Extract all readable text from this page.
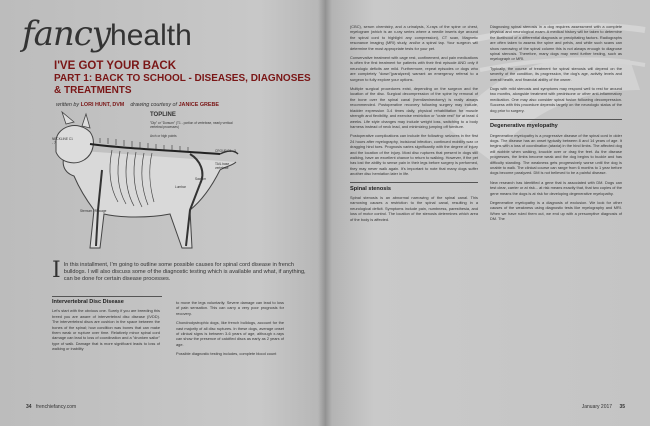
fancyhealth
I'VE GOT YOUR BACK
PART 1: BACK TO SCHOOL - DISEASES, DIAGNOSES
& TREATMENTS
written by LORI HUNT, DVM drawing courtesy of JANICE GREBE
TOPLINE
NECKLINE C1 - 7
"Dip" or "Dorsum" (T1 - portion of vertebrae, nearly vertical vertebral processes)
Arch or high points
CROUP S1 - 3
TAIL base vertebrae
Sacrum
Lumbar
Sternum / Ribcage
I In this installment, I'm going to outline some possible causes for spinal cord disease in french bulldogs. I will also discuss some of the diagnostic testing which is available and what, if anything, can be done for certain disease processes.
Intervertebral Disc Disease

Let's start with the obvious one. Surely if you are breeding this breed you are aware of intervertebral disc disease (IVDD). The intervertebral discs are cushion in the space between the bones of the spinal; how condition was bones that can make them weak or rupture over time. Relatively minor spinal cord damage can lead to loss of coordination and a "drunken sailor" type of walk. Damage that is more significant leads to loss of walking or inability

to move the legs voluntarily. Severe damage can lead to loss of pain sensation. This can carry a very poor prognosis for recovery.

Chondrodystrophic dogs, like french bulldogs, account for the vast majority of all disc ruptures. In these dogs, average onset of clinical signs is between 3-6 years of age, although x-rays can show the presence of calcified discs as early as 2 years of age.

Possible diagnostic testing includes, complete blood count

(CBC), serum chemistry, and a urinalysis, X-rays of the spine or chest, myelogram (which is an x-ray series where a needle inserts dye around the spinal cord to highlight any compression), CT scan, Magnetic resonance imaging (MRI) study, and/or a spinal tap. Your surgeon will determine the most appropriate tests for your pet.

Conservative treatment with cage rest, confinement, and pain medications is often the first treatment for patients with their first episode AND only if neurologic deficits are mild. Furthermore, repeat episodes or dogs who are completely "down"(paralyzed) warrant an emergency referral to a surgeon to fully explore your options.

Multiple surgical procedures exist, depending on the surgeon and the location of the disc. Surgical decompression of the spine by removal of the bone over the spinal canal (hemilaminectomy) is really always recommended. Postoperative recovery following surgery may include, bladder expression 3-4 times daily, physical rehabilitation for muscle strength and flexibility, and exercise restriction or "crate rest" for at least 4 weeks. Life style changes may include weight loss, switching to a body harness instead of neck lead, and minimizing jumping off furniture.

Postoperative complications can include the following: seizures in the first 24 hours after myelography, incisional infection, continued mobility wax or dragging hind toes. Prognosis varies significantly with the degree of injury and the location of the injury. Most disc ruptures that present in dogs still walking, have an excellent chance to return to walking. However, if the pet has lost the ability to sense pain in their legs before surgery is performed, they may never walk again. It's important to note that many dogs suffer another disc herniation later in life.

Spinal stenosis

Spinal stenosis is an abnormal narrowing of the spinal canal. This narrowing causes a restriction to the spinal canal, resulting in a neurological deficit. Symptoms include pain, numbness, paresthesia, and loss of motor control. The location of the stenosis determines which area of the body is affected.

Diagnosing spinal stenosis in a dog requires assessment with a complete physical and neurological exam. A medical history will be taken to determine the likelihood of a differential diagnosis or precipitating factors. Radiographs are often taken to assess the spine and pelvis, and while such scans can show narrowing of the spinal column this is not always enough to diagnose spinal stenosis. Therefore, many dogs may need further testing, such as myelograph or MRI.

Typically, the course of treatment for spinal stenosis will depend on the severity of the condition, its progression, the dog's age, activity levels and overall health, and financial ability of the owner.

Dogs with mild stenosis and symptoms may respond well to rest for around two months, alongside treatment with prednisone or other anti-inflammatory medication. One may also consider spinal fusion following decompression. Success with this procedure depends largely on the neurologic status of the dog prior to surgery.

Degenerative myelopathy

Degenerative myelopathy is a progressive disease of the spinal cord in older dogs. The disease has an onset typically between 8 and 14 years of age. It begins with a loss of coordination (ataxia) in the hind limbs. The affected dog will wobble when walking, knuckle over or drag the feet. As the disease progresses, the limbs become weak and the dog begins to buckle and has difficulty standing. The weakness gets progressively worse until the dog is unable to walk. The clinical course can range from 6 months to 1 year before dogs become paralyzed. DM is not believed to be a painful disease.

New research has identified a gene that is associated with DM. Dogs can test clear, carrier or at risk... at risk means exactly that, that two copies of the gene means the dogs is at risk for developing degenerative myelopathy.

Degenerative myelopathy is a diagnosis of exclusion. We look for other causes of the weakness using diagnostic tests like myelography and MRI. When we have ruled them out, we end up with a presumptive diagnosis of DM. The

34 frenchiefancy.com	January 2017 35
